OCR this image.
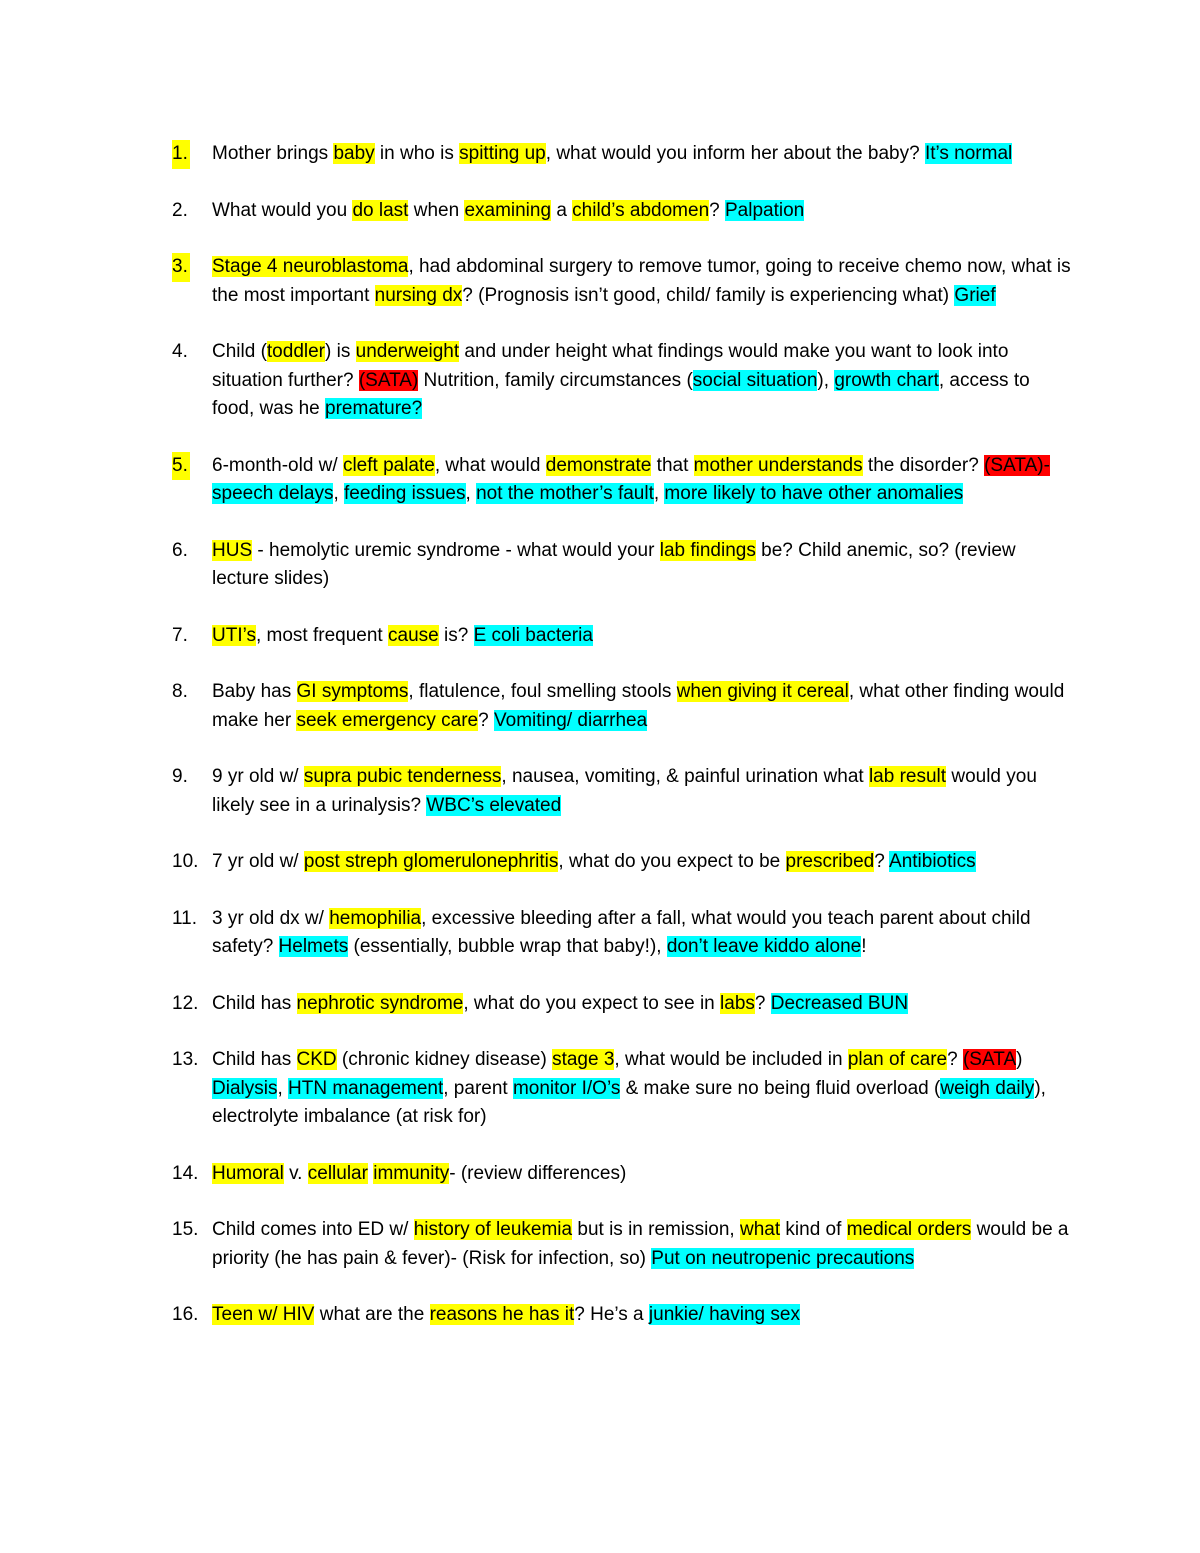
1. Mother brings baby in who is spitting up, what would you inform her about the baby? It’s normal
2.	What would you do last when examining a child’s abdomen? Palpation
3. Stage 4 neuroblastoma, had abdominal surgery to remove tumor, going to receive chemo now, what is the most important nursing dx? (Prognosis isn’t good, child/ family is experiencing what) Grief
4.	Child (toddler) is underweight and under height what findings would make you want to look into situation further? (SATA) Nutrition, family circumstances (social situation), growth chart, access to food, was he premature?
5. 6-month-old w/ cleft palate, what would demonstrate that mother understands the disorder? (SATA)- speech delays, feeding issues, not the mother’s fault, more likely to have other anomalies
6.	HUS - hemolytic uremic syndrome - what would your lab findings be? Child anemic, so? (review lecture slides)
7.	UTI’s, most frequent cause is? E coli bacteria
8.	Baby has GI symptoms, flatulence, foul smelling stools when giving it cereal, what other finding would make her seek emergency care? Vomiting/ diarrhea
9.	9 yr old w/ supra pubic tenderness, nausea, vomiting, & painful urination what lab result would you likely see in a urinalysis? WBC’s elevated
10. 7 yr old w/ post streph glomerulonephritis, what do you expect to be prescribed? Antibiotics
11. 3 yr old dx w/ hemophilia, excessive bleeding after a fall, what would you teach parent about child safety? Helmets (essentially, bubble wrap that baby!), don’t leave kiddo alone!
12. Child has nephrotic syndrome, what do you expect to see in labs? Decreased BUN
13. Child has CKD (chronic kidney disease) stage 3, what would be included in plan of care? (SATA) Dialysis, HTN management, parent monitor I/O’s & make sure no being fluid overload (weigh daily), electrolyte imbalance (at risk for)
14. Humoral v. cellular immunity- (review differences)
15. Child comes into ED w/ history of leukemia but is in remission, what kind of medical orders would be a priority (he has pain & fever)- (Risk for infection, so) Put on neutropenic precautions
16. Teen w/ HIV what are the reasons he has it? He’s a junkie/ having sex
